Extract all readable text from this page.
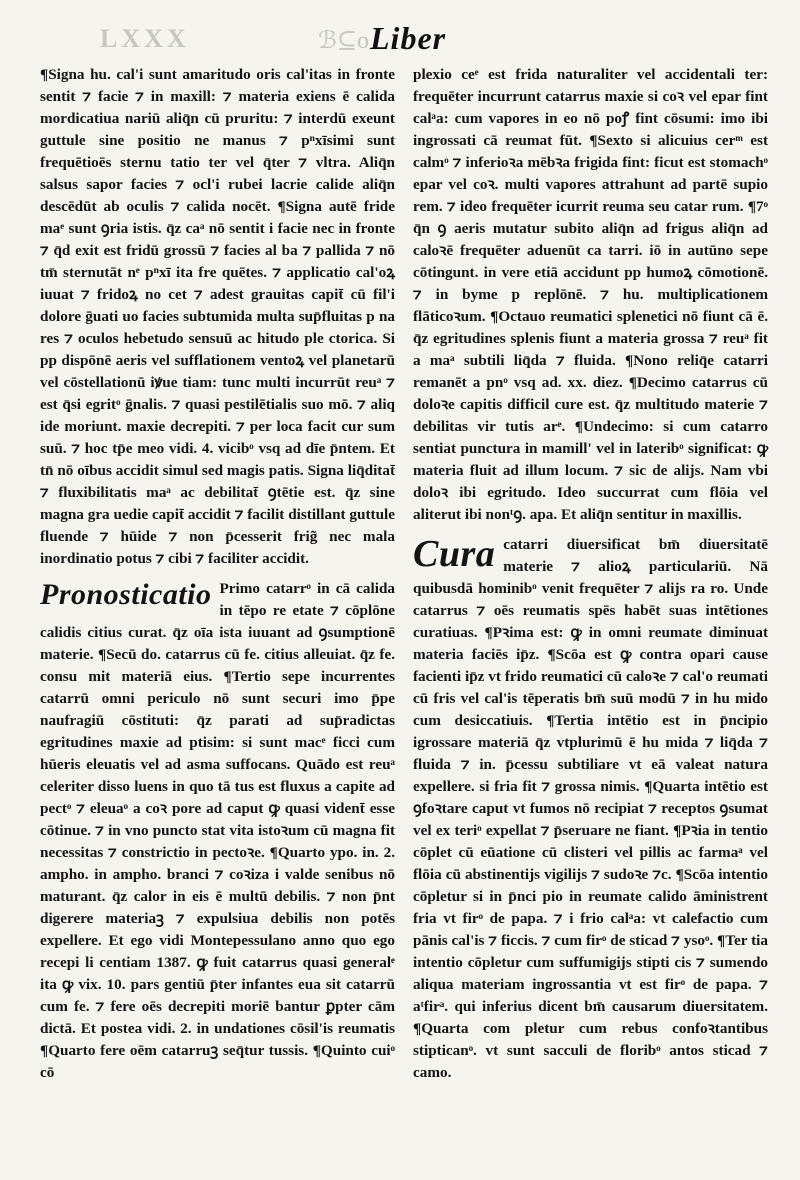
LXXX	ℬ⊆o Liber

¶Signa hu. cal'i sunt amaritudo oris cal'itas in fronte sentit ⁊ facie ⁊ in maxill: ⁊ materia exiens ē calida mordicatiua nariū aliq̄n cū pruritu: ⁊ interdū exeunt guttule sine positio ne manus ⁊ pⁿxīsimi sunt frequētioēs sternu tatio ter vel q̄ter ⁊ vltra. Aliq̄n salsus sapor facies ⁊ ocl'i rubei lacrie calide aliq̄n descēdūt ab oculis ⁊ calida nocēt. ¶Signa autē fride maᵉ sunt ꝯria istis. q̄z caᵃ nō sentit i facie nec in fronte ⁊ q̄d exit est fridū grossū ⁊ facies al ba ⁊ pallida ⁊ nō tm̄ sternutāt nᵉ pⁿxī ita fre quētes. ⁊ applicatio cal'oꝝ iuuat ⁊ fridoꝝ no cet ⁊ adest grauitas capit̄ cū fil'i dolore ḡuati uo facies subtumida multa sup̄fluitas p na res ⁊ oculos hebetudo sensuū ac hitudo ple ctorica. Si pp dispōnē aeris vel sufflationem ventoꝝ vel planetarū vel cōstellationū iꝟue tiam: tunc multi incurrūt reuᵃ ⁊ est q̄si egritᵒ ḡnalis. ⁊ quasi pestilētialis suo mō. ⁊ aliq ide moriunt. maxie decrepiti. ⁊ per loca facit cur sum suū. ⁊ hoc tp̄e meo vidi. 4. vicibᵒ vsq ad dīe p̄ntem. Et tn̄ nō oībus accidit simul sed magis patis. Signa liq̄ditat̄ ⁊ fluxibilitatis maᵃ ac debilitat̄ ꝯtētie est. q̄z sine magna gra uedie capit̄ accidit ⁊ facilit distillant guttule fluende ⁊ hūide ⁊ non p̄cesserit frig̃ nec mala inordinatio potus ⁊ cibi ⁊ faciliter accidit.

Pronosticatio Primo catarrᵒ in cā calida in tēpo re etate ⁊ cōplōne calidis citius curat. q̄z oīa ista iuuant ad ꝯsumptionē materie. ¶Secū do. catarrus cū fe. citius alleuiat. q̄z fe. consu mit materiā eius. ¶Tertio sepe incurrentes catarrū omni periculo nō sunt securi imo p̄pe naufragiū cōstituti: q̄z parati ad sup̄radictas egritudines maxie ad ptisim: si sunt macᵉ ficci cum hūeris eleuatis vel ad asma suffocans. Quādo est reuᵃ celeriter disso luens in quo tā tus est fluxus a capite ad pectᵒ ⁊ eleuaᵒ a coꝛ pore ad caput ꝙ quasi vident̄ esse cōtinue. ⁊ in vno puncto stat vita istoꝛum cū magna fit necessitas ⁊ constrictio in pectoꝛe. ¶Quarto ypo. in. 2. ampho. in ampho. branci ⁊ coꝛiza i valde senibus nō maturant. q̄z calor in eis ē multū debilis. ⁊ non p̄nt digerere materiaꝫ ⁊ expulsiua debilis non potēs expellere. Et ego vidi Montepessulano anno quo ego recepi li centiam 1387. ꝙ fuit catarrus quasi generalᵉ ita ꝙ vix. 10. pars gentiū p̄ter infantes eua sit catarrū cum fe. ⁊ fere oēs decrepiti moriē bantur ꝑpter cām dictā. Et postea vidi. 2. in undationes cōsil'is reumatis ¶Quarto fere oēm catarruꝫ seq̄tur tussis. ¶Quinto cuiᵒ cō

plexio ceᵉ est frida naturaliter vel accidentali ter: frequēter incurrunt catarrus maxie si coꝛ vel epar fint calᵃa: cum vapores in eo nō poꝭ fint cōsumi: imo ibi ingrossati cā reumat fūt. ¶Sexto si alicuius cerᵐ est calmᵒ ⁊ inferioꝛa mēbꝛa frigida fint: ficut est stomachᵒ epar vel coꝛ. multi vapores attrahunt ad partē supio rem. ⁊ ideo frequēter icurrit reuma seu catar rum. ¶7ᵒ q̄n ꝯ aeris mutatur subito aliq̄n ad frigus aliq̄n ad caloꝛē frequēter aduenūt ca tarri. iō in autūno sepe cōtingunt. in vere etiā accidunt pp humoꝝ cōmotionē. ⁊ in byme p replōnē. ⁊ hu. multiplicationem flāticoꝛum. ¶Octauo reumatici splenetici nō fiunt cā ē. q̄z egritudines splenis fiunt a materia grossa ⁊ reuᵃ fit a maᵃ subtili liq̄da ⁊ fluida. ¶Nono reliq̄e catarri remanēt a pnᵒ vsq ad. xx. diez. ¶Decimo catarrus cū doloꝛe capitis difficil cure est. q̄z multitudo materie ⁊ debilitas vir tutis arᵉ. ¶Undecimo: si cum catarro sentiat punctura in mamill' vel in lateribᵒ significat: ꝙ materia fluit ad illum locum. ⁊ sic de alijs. Nam vbi doloꝛ ibi egritudo. Ideo succurrat cum flōia vel aliterut ibi nonᵗꝯ. apa. Et aliq̄n sentitur in maxillis.

Cura catarri diuersificat bm̄ diuersitatē materie ⁊ alioꝝ particulariū. Nā quibusdā hominibᵒ venit frequēter ⁊ alijs ra ro. Unde catarrus ⁊ oēs reumatis spēs habēt suas intētiones curatiuas. ¶Pꝛima est: ꝙ in omni reumate diminuat materia faciēs ip̄z. ¶Scōa est ꝙ contra opari cause facienti ip̄z vt frido reumatici cū caloꝛe ⁊ cal'o reumati cū fris vel cal'is tēperatis bm̄ suū modū ⁊ in hu mido cum desiccatiuis. ¶Tertia intētio est in p̄ncipio igrossare materiā q̄z vtplurimū ē hu mida ⁊ liq̄da ⁊ fluida ⁊ in. p̄cessu subtiliare vt eā valeat natura expellere. si fria fit ⁊ grossa nimis. ¶Quarta intētio est ꝯfoꝛtare caput vt fumos nō recipiat ⁊ receptos ꝯsumat vel ex teriᵒ expellat ⁊ p̄seruare ne fiant. ¶Pꝛia in tentio cōplet cū eūatione cū clisteri vel pillis ac farmaᵃ vel flōia cū abstinentijs vigilijs ⁊ sudoꝛe ⁊c. ¶Scōa intentio cōpletur si in p̄nci pio in reumate calido āministrent fria vt firᵒ de papa. ⁊ i frio calᵃa: vt calefactio cum pānis cal'is ⁊ ficcis. ⁊ cum firᵒ de sticad ⁊ ysoᵒ. ¶Ter tia intentio cōpletur cum suffumigijs stipti cis ⁊ sumendo aliqua materiam ingrossantia vt est firᵒ de papa. ⁊ aᵗfirᵃ. qui inferius dicent bm̄ causarum diuersitatem. ¶Quarta com pletur cum rebus confoꝛtantibus stipticanᵒ. vt sunt sacculi de floribᵒ antos sticad ⁊ camo.
